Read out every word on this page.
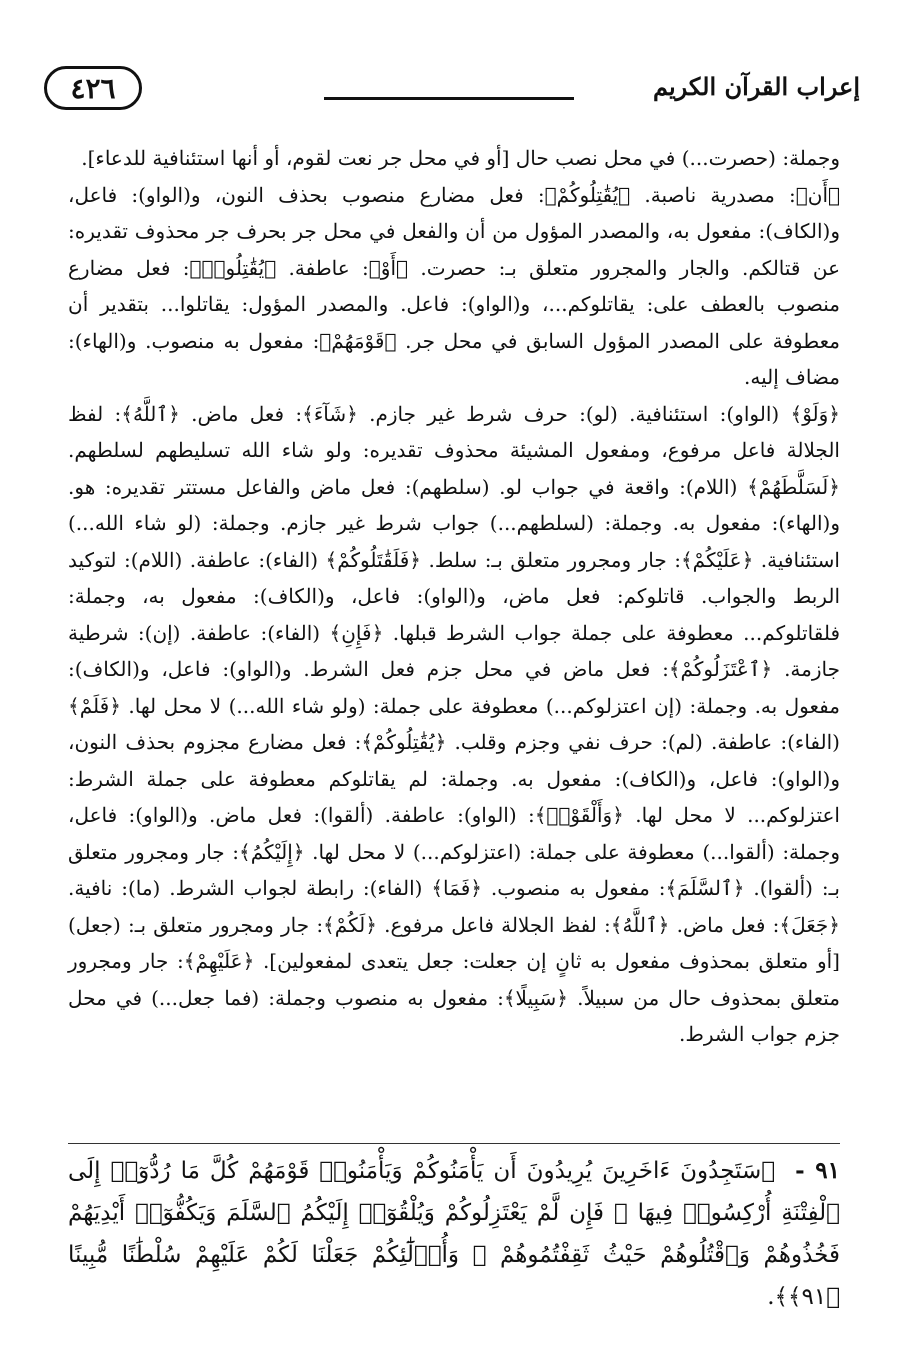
٤٢٦	إعراب القرآن الكريم

وجملة: (حصرت...) في محل نصب حال [أو في محل جر نعت لقوم، أو أنها استئنافية للدعاء].

﴿أَن﴾: مصدرية ناصبة. ﴿يُقَٰتِلُوكُمْ﴾: فعل مضارع منصوب بحذف النون، و(الواو): فاعل، و(الكاف): مفعول به، والمصدر المؤول من أن والفعل في محل جر بحرف جر محذوف تقديره: عن قتالكم. والجار والمجرور متعلق بـ: حصرت. ﴿أَوْ﴾: عاطفة. ﴿يُقَٰتِلُوا۟﴾: فعل مضارع منصوب بالعطف على: يقاتلوكم...، و(الواو): فاعل. والمصدر المؤول: يقاتلوا... بتقدير أن معطوفة على المصدر المؤول السابق في محل جر. ﴿قَوْمَهُمْ﴾: مفعول به منصوب. و(الهاء): مضاف إليه.

﴿وَلَوْ﴾ (الواو): استئنافية. (لو): حرف شرط غير جازم. ﴿شَآءَ﴾: فعل ماض. ﴿ٱللَّهُ﴾: لفظ الجلالة فاعل مرفوع، ومفعول المشيئة محذوف تقديره: ولو شاء الله تسليطهم لسلطهم. ﴿لَسَلَّطَهُمْ﴾ (اللام): واقعة في جواب لو. (سلطهم): فعل ماض والفاعل مستتر تقديره: هو. و(الهاء): مفعول به. وجملة: (لسلطهم...) جواب شرط غير جازم. وجملة: (لو شاء الله...) استئنافية. ﴿عَلَيْكُمْ﴾: جار ومجرور متعلق بـ: سلط. ﴿فَلَقَٰتَلُوكُمْ﴾ (الفاء): عاطفة. (اللام): لتوكيد الربط والجواب. قاتلوكم: فعل ماض، و(الواو): فاعل، و(الكاف): مفعول به، وجملة: فلقاتلوكم... معطوفة على جملة جواب الشرط قبلها. ﴿فَإِنِ﴾ (الفاء): عاطفة. (إن): شرطية جازمة. ﴿ٱعْتَزَلُوكُمْ﴾: فعل ماض في محل جزم فعل الشرط. و(الواو): فاعل، و(الكاف): مفعول به. وجملة: (إن اعتزلوكم...) معطوفة على جملة: (ولو شاء الله...) لا محل لها. ﴿فَلَمْ﴾ (الفاء): عاطفة. (لم): حرف نفي وجزم وقلب. ﴿يُقَٰتِلُوكُمْ﴾: فعل مضارع مجزوم بحذف النون، و(الواو): فاعل، و(الكاف): مفعول به. وجملة: لم يقاتلوكم معطوفة على جملة الشرط: اعتزلوكم... لا محل لها. ﴿وَأَلْقَوْا۟﴾: (الواو): عاطفة. (ألقوا): فعل ماض. و(الواو): فاعل، وجملة: (ألقوا...) معطوفة على جملة: (اعتزلوكم...) لا محل لها. ﴿إِلَيْكُمُ﴾: جار ومجرور متعلق بـ: (ألقوا). ﴿ٱلسَّلَمَ﴾: مفعول به منصوب. ﴿فَمَا﴾ (الفاء): رابطة لجواب الشرط. (ما): نافية. ﴿جَعَلَ﴾: فعل ماض. ﴿ٱللَّهُ﴾: لفظ الجلالة فاعل مرفوع. ﴿لَكُمْ﴾: جار ومجرور متعلق بـ: (جعل) [أو متعلق بمحذوف مفعول به ثانٍ إن جعلت: جعل يتعدى لمفعولين]. ﴿عَلَيْهِمْ﴾: جار ومجرور متعلق بمحذوف حال من سبيلاً. ﴿سَبِيلًا﴾: مفعول به منصوب وجملة: (فما جعل...) في محل جزم جواب الشرط.

٩١ - ﴿سَتَجِدُونَ ءَاخَرِينَ يُرِيدُونَ أَن يَأْمَنُوكُمْ وَيَأْمَنُوا۟ قَوْمَهُمْ كُلَّ مَا رُدُّوٓا۟ إِلَى ٱلْفِتْنَةِ أُرْكِسُوا۟ فِيهَا ۚ فَإِن لَّمْ يَعْتَزِلُوكُمْ وَيُلْقُوٓا۟ إِلَيْكُمُ ٱلسَّلَمَ وَيَكُفُّوٓا۟ أَيْدِيَهُمْ فَخُذُوهُمْ وَٱقْتُلُوهُمْ حَيْثُ ثَقِفْتُمُوهُمْ ۚ وَأُو۟لَٰٓئِكُمْ جَعَلْنَا لَكُمْ عَلَيْهِمْ سُلْطَٰنًا مُّبِينًا ﴿٩١﴾﴾.
